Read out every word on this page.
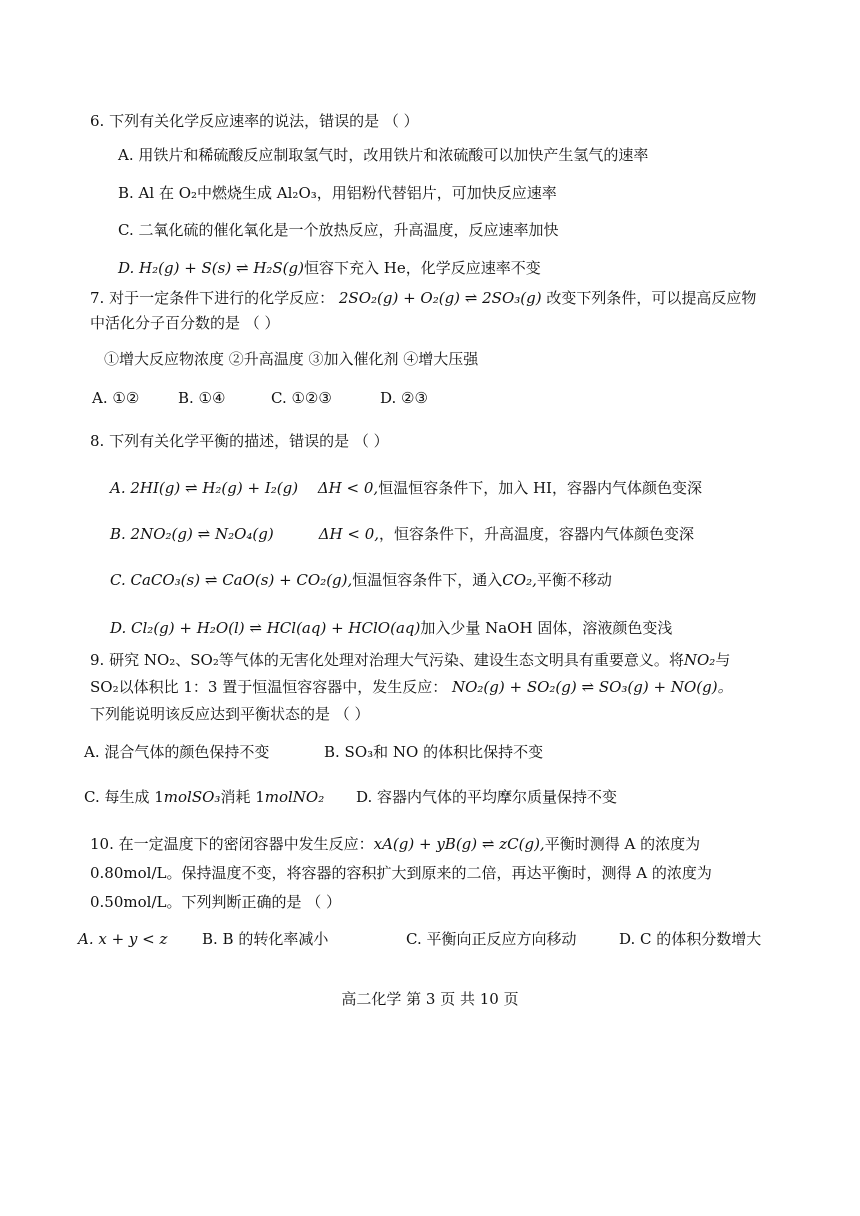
6. 下列有关化学反应速率的说法，错误的是 （ ）
A. 用铁片和稀硫酸反应制取氢气时，改用铁片和浓硫酸可以加快产生氢气的速率
B. Al 在 O₂中燃烧生成 Al₂O₃，用铝粉代替铝片，可加快反应速率
C. 二氧化硫的催化氧化是一个放热反应，升高温度，反应速率加快
D. H₂(g) + S(s) ⇌ H₂S(g)恒容下充入 He，化学反应速率不变
7. 对于一定条件下进行的化学反应： 2SO₂(g) + O₂(g) ⇌ 2SO₃(g) 改变下列条件，可以提高反应物
中活化分子百分数的是 （ ）
①增大反应物浓度 ②升高温度 ③加入催化剂 ④增大压强
A. ①②	B. ①④	C. ①②③	D. ②③
8. 下列有关化学平衡的描述，错误的是 （ ）
A. 2HI(g) ⇌ H₂(g) + I₂(g)　 ΔH < 0,恒温恒容条件下，加入 HI，容器内气体颜色变深
B. 2NO₂(g) ⇌ N₂O₄(g)　　　ΔH < 0,，恒容条件下，升高温度，容器内气体颜色变深
C. CaCO₃(s) ⇌ CaO(s) + CO₂(g),恒温恒容条件下，通入CO₂,平衡不移动
D. Cl₂(g) + H₂O(l) ⇌ HCl(aq) + HClO(aq)加入少量 NaOH 固体，溶液颜色变浅
9. 研究 NO₂、SO₂等气体的无害化处理对治理大气污染、建设生态文明具有重要意义。将NO₂与
SO₂以体积比 1：3 置于恒温恒容容器中，发生反应： NO₂(g) + SO₂(g) ⇌ SO₃(g) + NO(g)。
下列能说明该反应达到平衡状态的是 （ ）
A. 混合气体的颜色保持不变	B. SO₃和 NO 的体积比保持不变
C. 每生成 1molSO₃消耗 1molNO₂ D. 容器内气体的平均摩尔质量保持不变
10. 在一定温度下的密闭容器中发生反应：xA(g) + yB(g) ⇌ zC(g),平衡时测得 A 的浓度为
0.80mol/L。保持温度不变，将容器的容积扩大到原来的二倍，再达平衡时，测得 A 的浓度为
0.50mol/L。下列判断正确的是 （ ）
A. x + y < z B. B 的转化率减小	C. 平衡向正反应方向移动	D. C 的体积分数增大
高二化学 第 3 页 共 10 页
